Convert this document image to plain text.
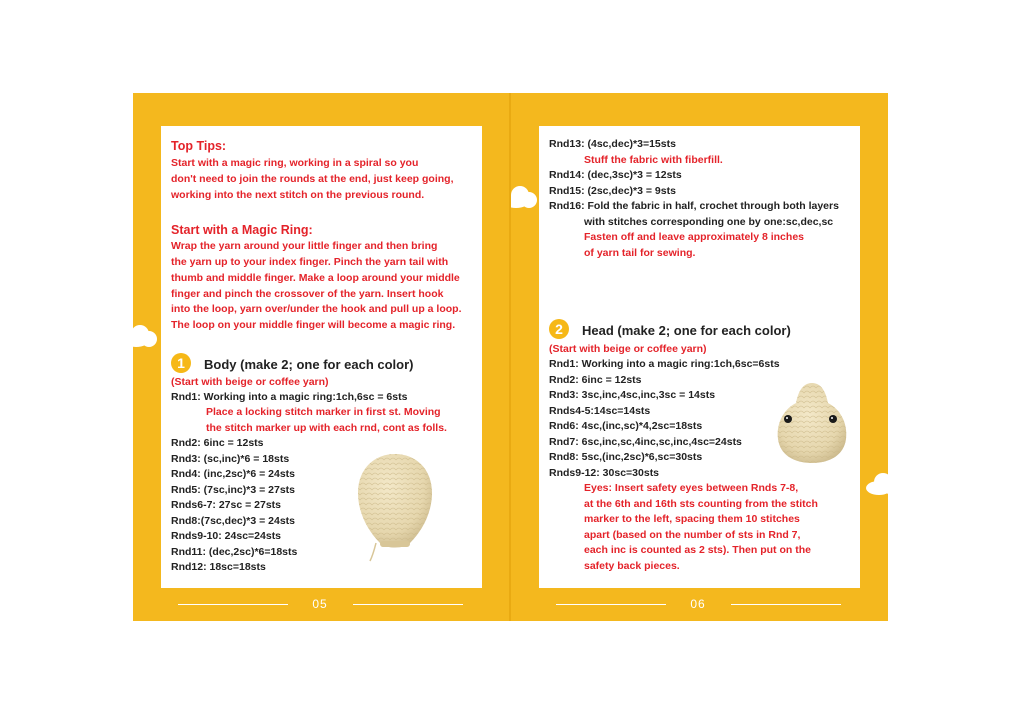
Top Tips:
Start with a magic ring, working in a spiral so you
don't need to join the rounds at the end, just keep going,
working into the next stitch on the previous round.
Start with a Magic Ring:
Wrap the yarn around your little finger and then bring
the yarn up to your index finger. Pinch the yarn tail with
thumb and middle finger. Make a loop around your middle
finger and pinch the crossover of the yarn. Insert hook
into the loop, yarn over/under the hook and pull up a loop.
The loop on your middle finger will become a magic ring.
1	Body (make 2; one for each color)
(Start with beige or coffee yarn)
Rnd1: Working into a magic ring:1ch,6sc = 6sts
Place a locking stitch marker in first st. Moving
the stitch marker up with each rnd, cont as folls.
Rnd2: 6inc = 12sts
Rnd3: (sc,inc)*6 = 18sts
Rnd4: (inc,2sc)*6 = 24sts
Rnd5: (7sc,inc)*3 = 27sts
Rnds6-7: 27sc = 27sts
Rnd8:(7sc,dec)*3 = 24sts
Rnds9-10: 24sc=24sts
Rnd11: (dec,2sc)*6=18sts
Rnd12: 18sc=18sts
05
Rnd13: (4sc,dec)*3=15sts
Stuff the fabric with fiberfill.
Rnd14: (dec,3sc)*3 = 12sts
Rnd15: (2sc,dec)*3 = 9sts
Rnd16: Fold the fabric in half, crochet through both layers
with stitches corresponding one by one:sc,dec,sc
Fasten off and leave approximately 8 inches
of yarn tail for sewing.
2	Head (make 2; one for each color)
(Start with beige or coffee yarn)
Rnd1: Working into a magic ring:1ch,6sc=6sts
Rnd2: 6inc = 12sts
Rnd3: 3sc,inc,4sc,inc,3sc = 14sts
Rnds4-5:14sc=14sts
Rnd6: 4sc,(inc,sc)*4,2sc=18sts
Rnd7: 6sc,inc,sc,4inc,sc,inc,4sc=24sts
Rnd8: 5sc,(inc,2sc)*6,sc=30sts
Rnds9-12: 30sc=30sts
Eyes: Insert safety eyes between Rnds 7-8,
at the 6th and 16th sts counting from the stitch
marker to the left, spacing them 10 stitches
apart (based on the number of sts in Rnd 7,
each inc is counted as 2 sts). Then put on the
safety back pieces.
06
